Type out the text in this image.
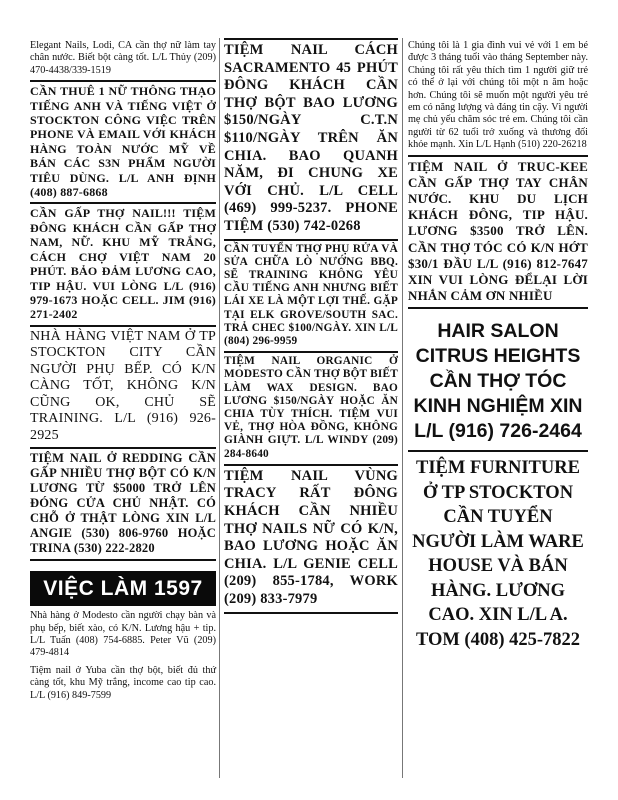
Elegant Nails, Lodi, CA cần thợ nữ làm tay chân nước. Biết bột càng tốt. L/L Thủy (209) 470-4438/339-1519
CẦN THUÊ 1 NỮ THÔNG THẠO TIẾNG ANH VÀ TIẾNG VIỆT Ở STOCKTON CÔNG VIỆC TRÊN PHONE VÀ EMAIL VỚI KHÁCH HÀNG TOÀN NƯỚC MỸ VỀ BÁN CÁC S3N PHẨM NGƯỜI TIÊU DÙNG. L/L ANH ĐỊNH (408) 887-6868
CẦN GẤP THỢ NAIL!!! TIỆM ĐÔNG KHÁCH CẦN GẤP THỢ NAM, NỮ. KHU MỸ TRẮNG, CÁCH CHỢ VIỆT NAM 20 PHÚT. BẢO ĐẢM LƯƠNG CAO, TIP HẬU. VUI LÒNG L/L (916) 979-1673 HOẶC CELL. JIM (916) 271-2402
NHÀ HÀNG VIỆT NAM Ở TP STOCKTON CITY CẦN NGƯỜI PHỤ BẾP. CÓ K/N CÀNG TỐT, KHÔNG K/N CŨNG OK, CHỦ SẼ TRAINING. L/L (916) 926-2925
TIỆM NAIL Ở REDDING CẦN GẤP NHIỀU THỢ BỘT CÓ K/N LƯƠNG TỪ $5000 TRỞ LÊN ĐÓNG CỬA CHỦ NHẬT. CÓ CHỖ Ở THẬT LÒNG XIN L/L ANGIE (530) 806-9760 HOẶC TRINA (530) 222-2820
VIỆC LÀM 1597
Nhà hàng ở Modesto cần người chạy bàn và phụ bếp, biết xào, có K/N. Lương hậu + tip. L/L Tuấn (408) 754-6885. Peter Vũ (209) 479-4814
Tiệm nail ở Yuba cần thợ bột, biết đủ thứ càng tốt, khu Mỹ trắng, income cao tip cao. L/L (916) 849-7599
TIỆM NAIL CÁCH SACRAMENTO 45 PHÚT ĐÔNG KHÁCH CẦN THỢ BỘT BAO LƯƠNG $150/NGÀY C.T.N $110/NGÀY TRÊN ĂN CHIA. BAO QUANH NĂM, ĐI CHUNG XE VỚI CHỦ. L/L CELL (469) 999-5237. PHONE TIỆM (530) 742-0268
CẦN TUYỂN THỢ PHỤ RỬA VÀ SỬA CHỮA LÒ NƯỚNG BBQ. SẼ TRAINING KHÔNG YÊU CẦU TIẾNG ANH NHƯNG BIẾT LÁI XE LÀ MỘT LỢI THẾ. GẶP TẠI ELK GROVE/SOUTH SAC. TRẢ CHEC $100/NGÀY. XIN L/L (804) 296-9959
TIỆM NAIL ORGANIC Ở MODESTO CẦN THỢ BỘT BIẾT LÀM WAX DESIGN. BAO LƯƠNG $150/NGÀY HOẶC ĂN CHIA TÙY THÍCH. TIỆM VUI VẺ, THỢ HÒA ĐỒNG, KHÔNG GIÀNH GIỰT. L/L WINDY (209) 284-8640
TIỆM NAIL VÙNG TRACY RẤT ĐÔNG KHÁCH CẦN NHIỀU THỢ NAILS NỮ CÓ K/N, BAO LƯƠNG HOẶC ĂN CHIA. L/L GENIE CELL (209) 855-1784, WORK (209) 833-7979
Chúng tôi là 1 gia đình vui vẻ với 1 em bé được 3 tháng tuổi vào tháng September này. Chúng tôi rất yêu thích tìm 1 người giữ trẻ có thể ở lại với chúng tôi một n ăm hoặc hơn. Chúng tôi sẽ muốn một người yêu trẻ em có năng lượng và đáng tin cậy. Vì người mẹ chủ yếu chăm sóc trẻ em. Chúng tôi cần người từ 62 tuổi trở xuống và thương đối khỏe mạnh. Xin L/L Hạnh (510) 220-26218
TIỆM NAIL Ở TRUC-KEE CẦN GẤP THỢ TAY CHÂN NƯỚC. KHU DU LỊCH KHÁCH ĐÔNG, TIP HẬU. LƯƠNG $3500 TRỞ LÊN. CẦN THỢ TÓC CÓ K/N HỚT $30/1 ĐẦU L/L (916) 812-7647 XIN VUI LÒNG ĐỂLẠI LỜI NHẮN CẢM ƠN NHIỀU
HAIR SALON CITRUS HEIGHTS CẦN THỢ TÓC KINH NGHIỆM XIN L/L (916) 726-2464
TIỆM FURNITURE Ở TP STOCKTON CẦN TUYỂN NGƯỜI LÀM WARE HOUSE VÀ BÁN HÀNG. LƯƠNG CAO. XIN L/L A. TOM (408) 425-7822
